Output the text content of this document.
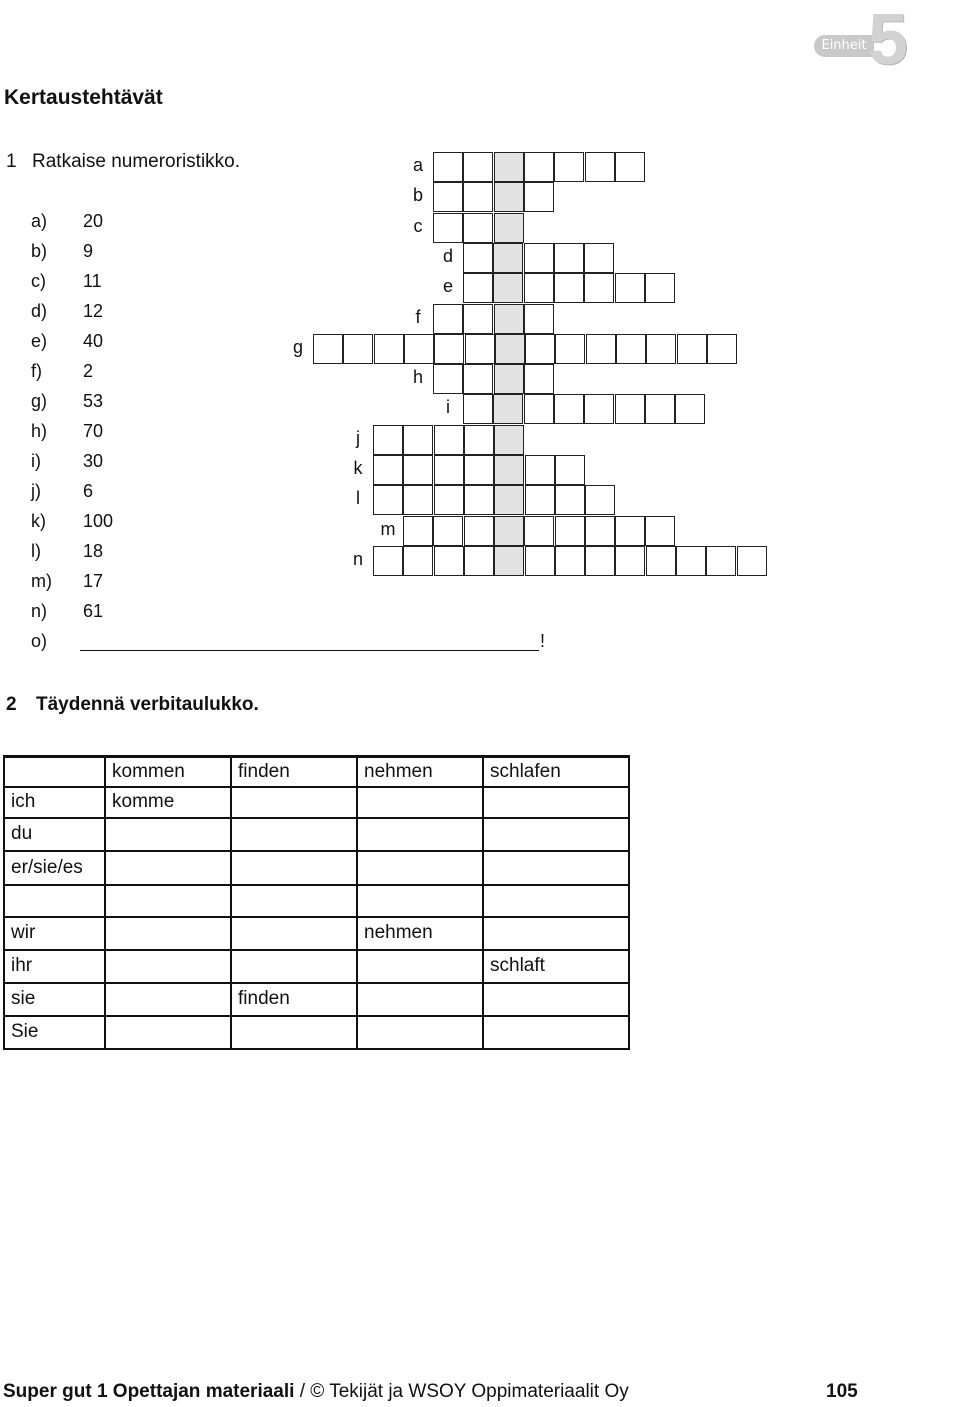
Einheit 5
Kertaustehtävät
1 Ratkaise numeroristikko.
a) 20
b) 9
c) 11
d) 12
e) 40
f) 2
g) 53
h) 70
i) 30
j) 6
k) 100
l) 18
m) 17
n) 61
o)	!
a
b
c
d
e
f
g
h
i
j
k
l
m
n
2 Täydennä verbitaulukko.
	kommen	finden	nehmen	schlafen
ich	komme			
du				
er/sie/es				

wir			nehmen	
ihr				schlaft
sie		finden		
Sie				
Super gut 1 Opettajan materiaali / © Tekijät ja WSOY Oppimateriaalit Oy	105
